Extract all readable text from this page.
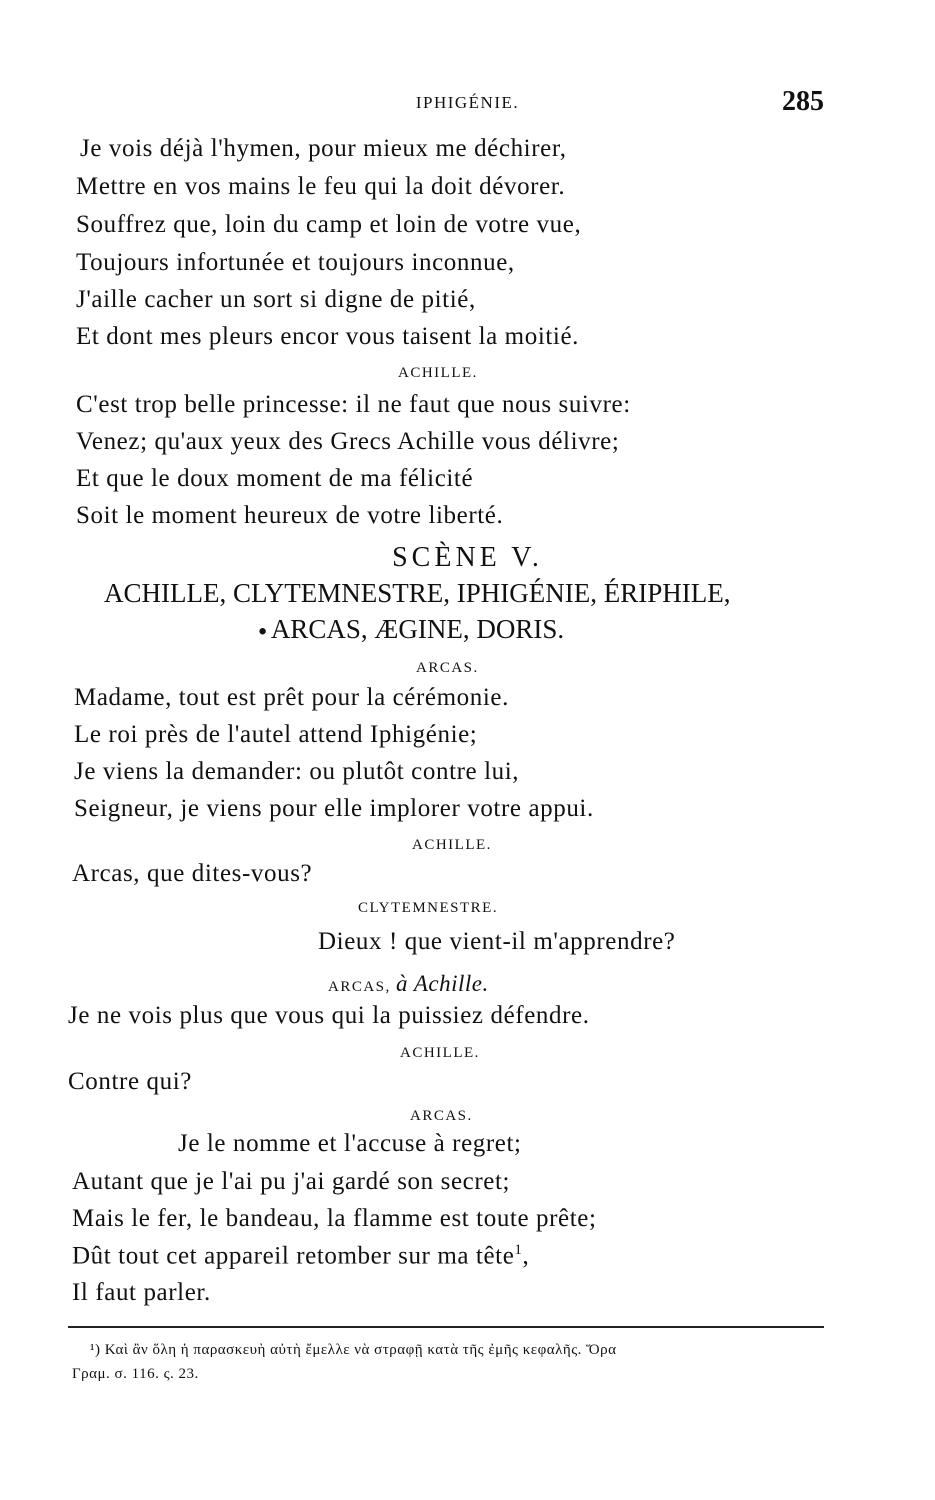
IPHIGÉNIE.	285
Je vois déjà l'hymen, pour mieux me déchirer,
Mettre en vos mains le feu qui la doit dévorer.
Souffrez que, loin du camp et loin de votre vue,
Toujours infortunée et toujours inconnue,
J'aille cacher un sort si digne de pitié,
Et dont mes pleurs encor vous taisent la moitié.
ACHILLE.
C'est trop belle princesse: il ne faut que nous suivre:
Venez; qu'aux yeux des Grecs Achille vous délivre;
Et que le doux moment de ma félicité
Soit le moment heureux de votre liberté.
SCÈNE V.
ACHILLE, CLYTEMNESTRE, IPHIGÉNIE, ÉRIPHILE,
● ARCAS, ÆGINE, DORIS.
ARCAS.
Madame, tout est prêt pour la cérémonie.
Le roi près de l'autel attend Iphigénie;
Je viens la demander: ou plutôt contre lui,
Seigneur, je viens pour elle implorer votre appui.
ACHILLE.
Arcas, que dites-vous?
CLYTEMNESTRE.
Dieux ! que vient-il m'apprendre?
ARCAS, à Achille.
Je ne vois plus que vous qui la puissiez défendre.
ACHILLE.
Contre qui?
ARCAS.
Je le nomme et l'accuse à regret;
Autant que je l'ai pu j'ai gardé son secret;
Mais le fer, le bandeau, la flamme est toute prête;
Dût tout cet appareil retomber sur ma tête$^1$,
Il faut parler.
¹) Καὶ ἂν ὅλη ἡ παρασκευὴ αὐτὴ ἔμελλε νὰ στραφῇ κατὰ τῆς ἐμῆς κεφαλῆς. Ὅρα
Γραμ. σ. 116. ς. 23.
